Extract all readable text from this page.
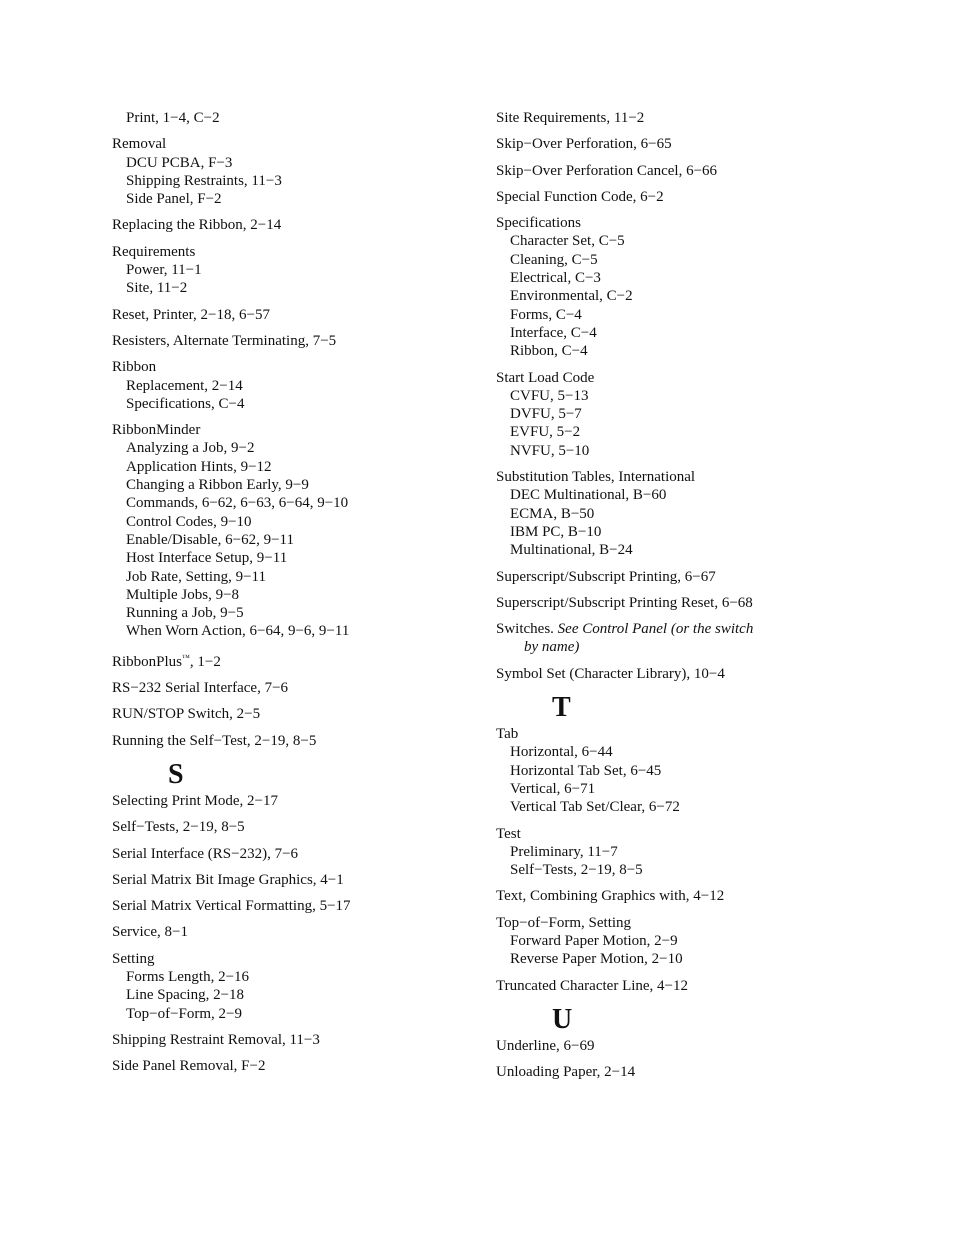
Print, 1−4, C−2
Removal
DCU PCBA, F−3
Shipping Restraints, 11−3
Side Panel, F−2
Replacing the Ribbon, 2−14
Requirements
Power, 11−1
Site, 11−2
Reset, Printer, 2−18, 6−57
Resisters, Alternate Terminating, 7−5
Ribbon
Replacement, 2−14
Specifications, C−4
RibbonMinder
Analyzing a Job, 9−2
Application Hints, 9−12
Changing a Ribbon Early, 9−9
Commands, 6−62, 6−63, 6−64, 9−10
Control Codes, 9−10
Enable/Disable, 6−62, 9−11
Host Interface Setup, 9−11
Job Rate, Setting, 9−11
Multiple Jobs, 9−8
Running a Job, 9−5
When Worn Action, 6−64, 9−6, 9−11
RibbonPlus™, 1−2
RS−232 Serial Interface, 7−6
RUN/STOP Switch, 2−5
Running the Self−Test, 2−19, 8−5
S
Selecting Print Mode, 2−17
Self−Tests, 2−19, 8−5
Serial Interface (RS−232), 7−6
Serial Matrix Bit Image Graphics, 4−1
Serial Matrix Vertical Formatting, 5−17
Service, 8−1
Setting
Forms Length, 2−16
Line Spacing, 2−18
Top−of−Form, 2−9
Shipping Restraint Removal, 11−3
Side Panel Removal, F−2
Site Requirements, 11−2
Skip−Over Perforation, 6−65
Skip−Over Perforation Cancel, 6−66
Special Function Code, 6−2
Specifications
Character Set, C−5
Cleaning, C−5
Electrical, C−3
Environmental, C−2
Forms, C−4
Interface, C−4
Ribbon, C−4
Start Load Code
CVFU, 5−13
DVFU, 5−7
EVFU, 5−2
NVFU, 5−10
Substitution Tables, International
DEC Multinational, B−60
ECMA, B−50
IBM PC, B−10
Multinational, B−24
Superscript/Subscript Printing, 6−67
Superscript/Subscript Printing Reset, 6−68
Switches. See Control Panel (or the switch
by name)
Symbol Set (Character Library), 10−4
T
Tab
Horizontal, 6−44
Horizontal Tab Set, 6−45
Vertical, 6−71
Vertical Tab Set/Clear, 6−72
Test
Preliminary, 11−7
Self−Tests, 2−19, 8−5
Text, Combining Graphics with, 4−12
Top−of−Form, Setting
Forward Paper Motion, 2−9
Reverse Paper Motion, 2−10
Truncated Character Line, 4−12
U
Underline, 6−69
Unloading Paper, 2−14
